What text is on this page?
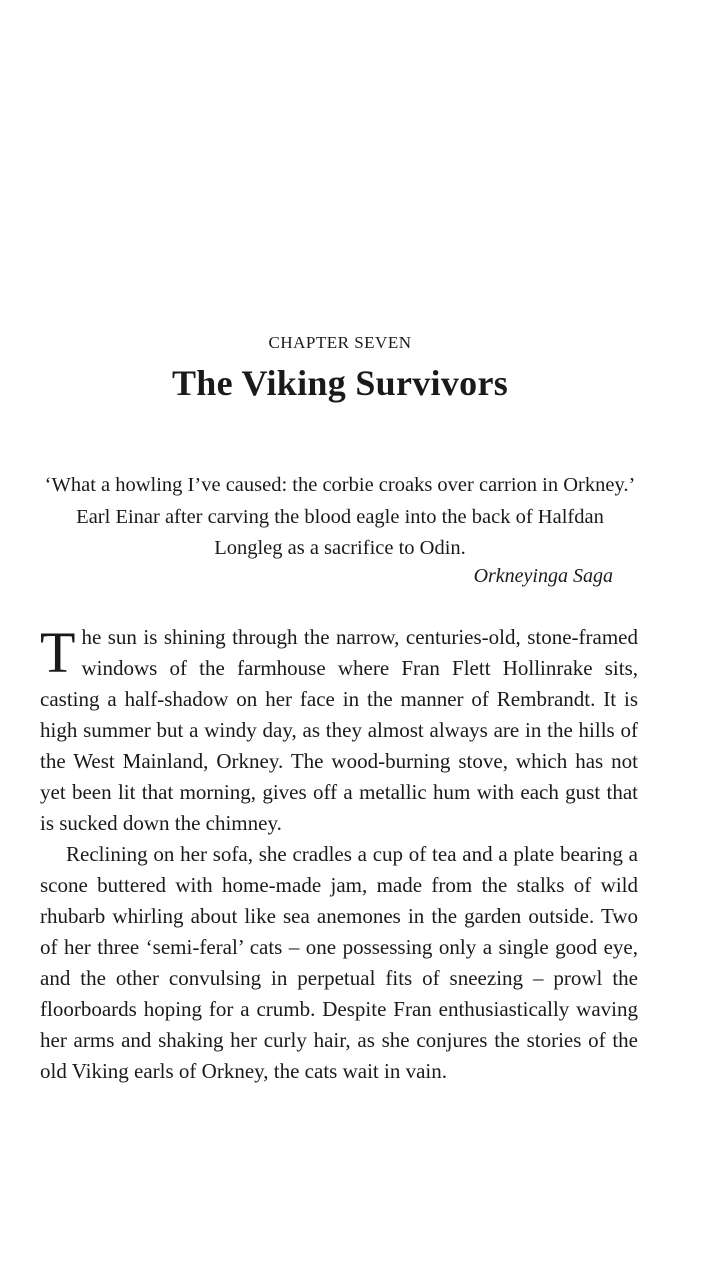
CHAPTER SEVEN

The Viking Survivors

‘What a howling I’ve caused: the corbie croaks over carrion in Orkney.’ Earl Einar after carving the blood eagle into the back of Halfdan Longleg as a sacrifice to Odin.

Orkneyinga Saga

The sun is shining through the narrow, centuries-old, stone-framed windows of the farmhouse where Fran Flett Hollinrake sits, casting a half-shadow on her face in the manner of Rembrandt. It is high summer but a windy day, as they almost always are in the hills of the West Mainland, Orkney. The wood-burning stove, which has not yet been lit that morning, gives off a metallic hum with each gust that is sucked down the chimney.

Reclining on her sofa, she cradles a cup of tea and a plate bearing a scone buttered with home-made jam, made from the stalks of wild rhubarb whirling about like sea anemones in the garden outside. Two of her three ‘semi-feral’ cats – one possessing only a single good eye, and the other convulsing in perpetual fits of sneezing – prowl the floorboards hoping for a crumb. Despite Fran enthusiastically waving her arms and shaking her curly hair, as she conjures the stories of the old Viking earls of Orkney, the cats wait in vain.
